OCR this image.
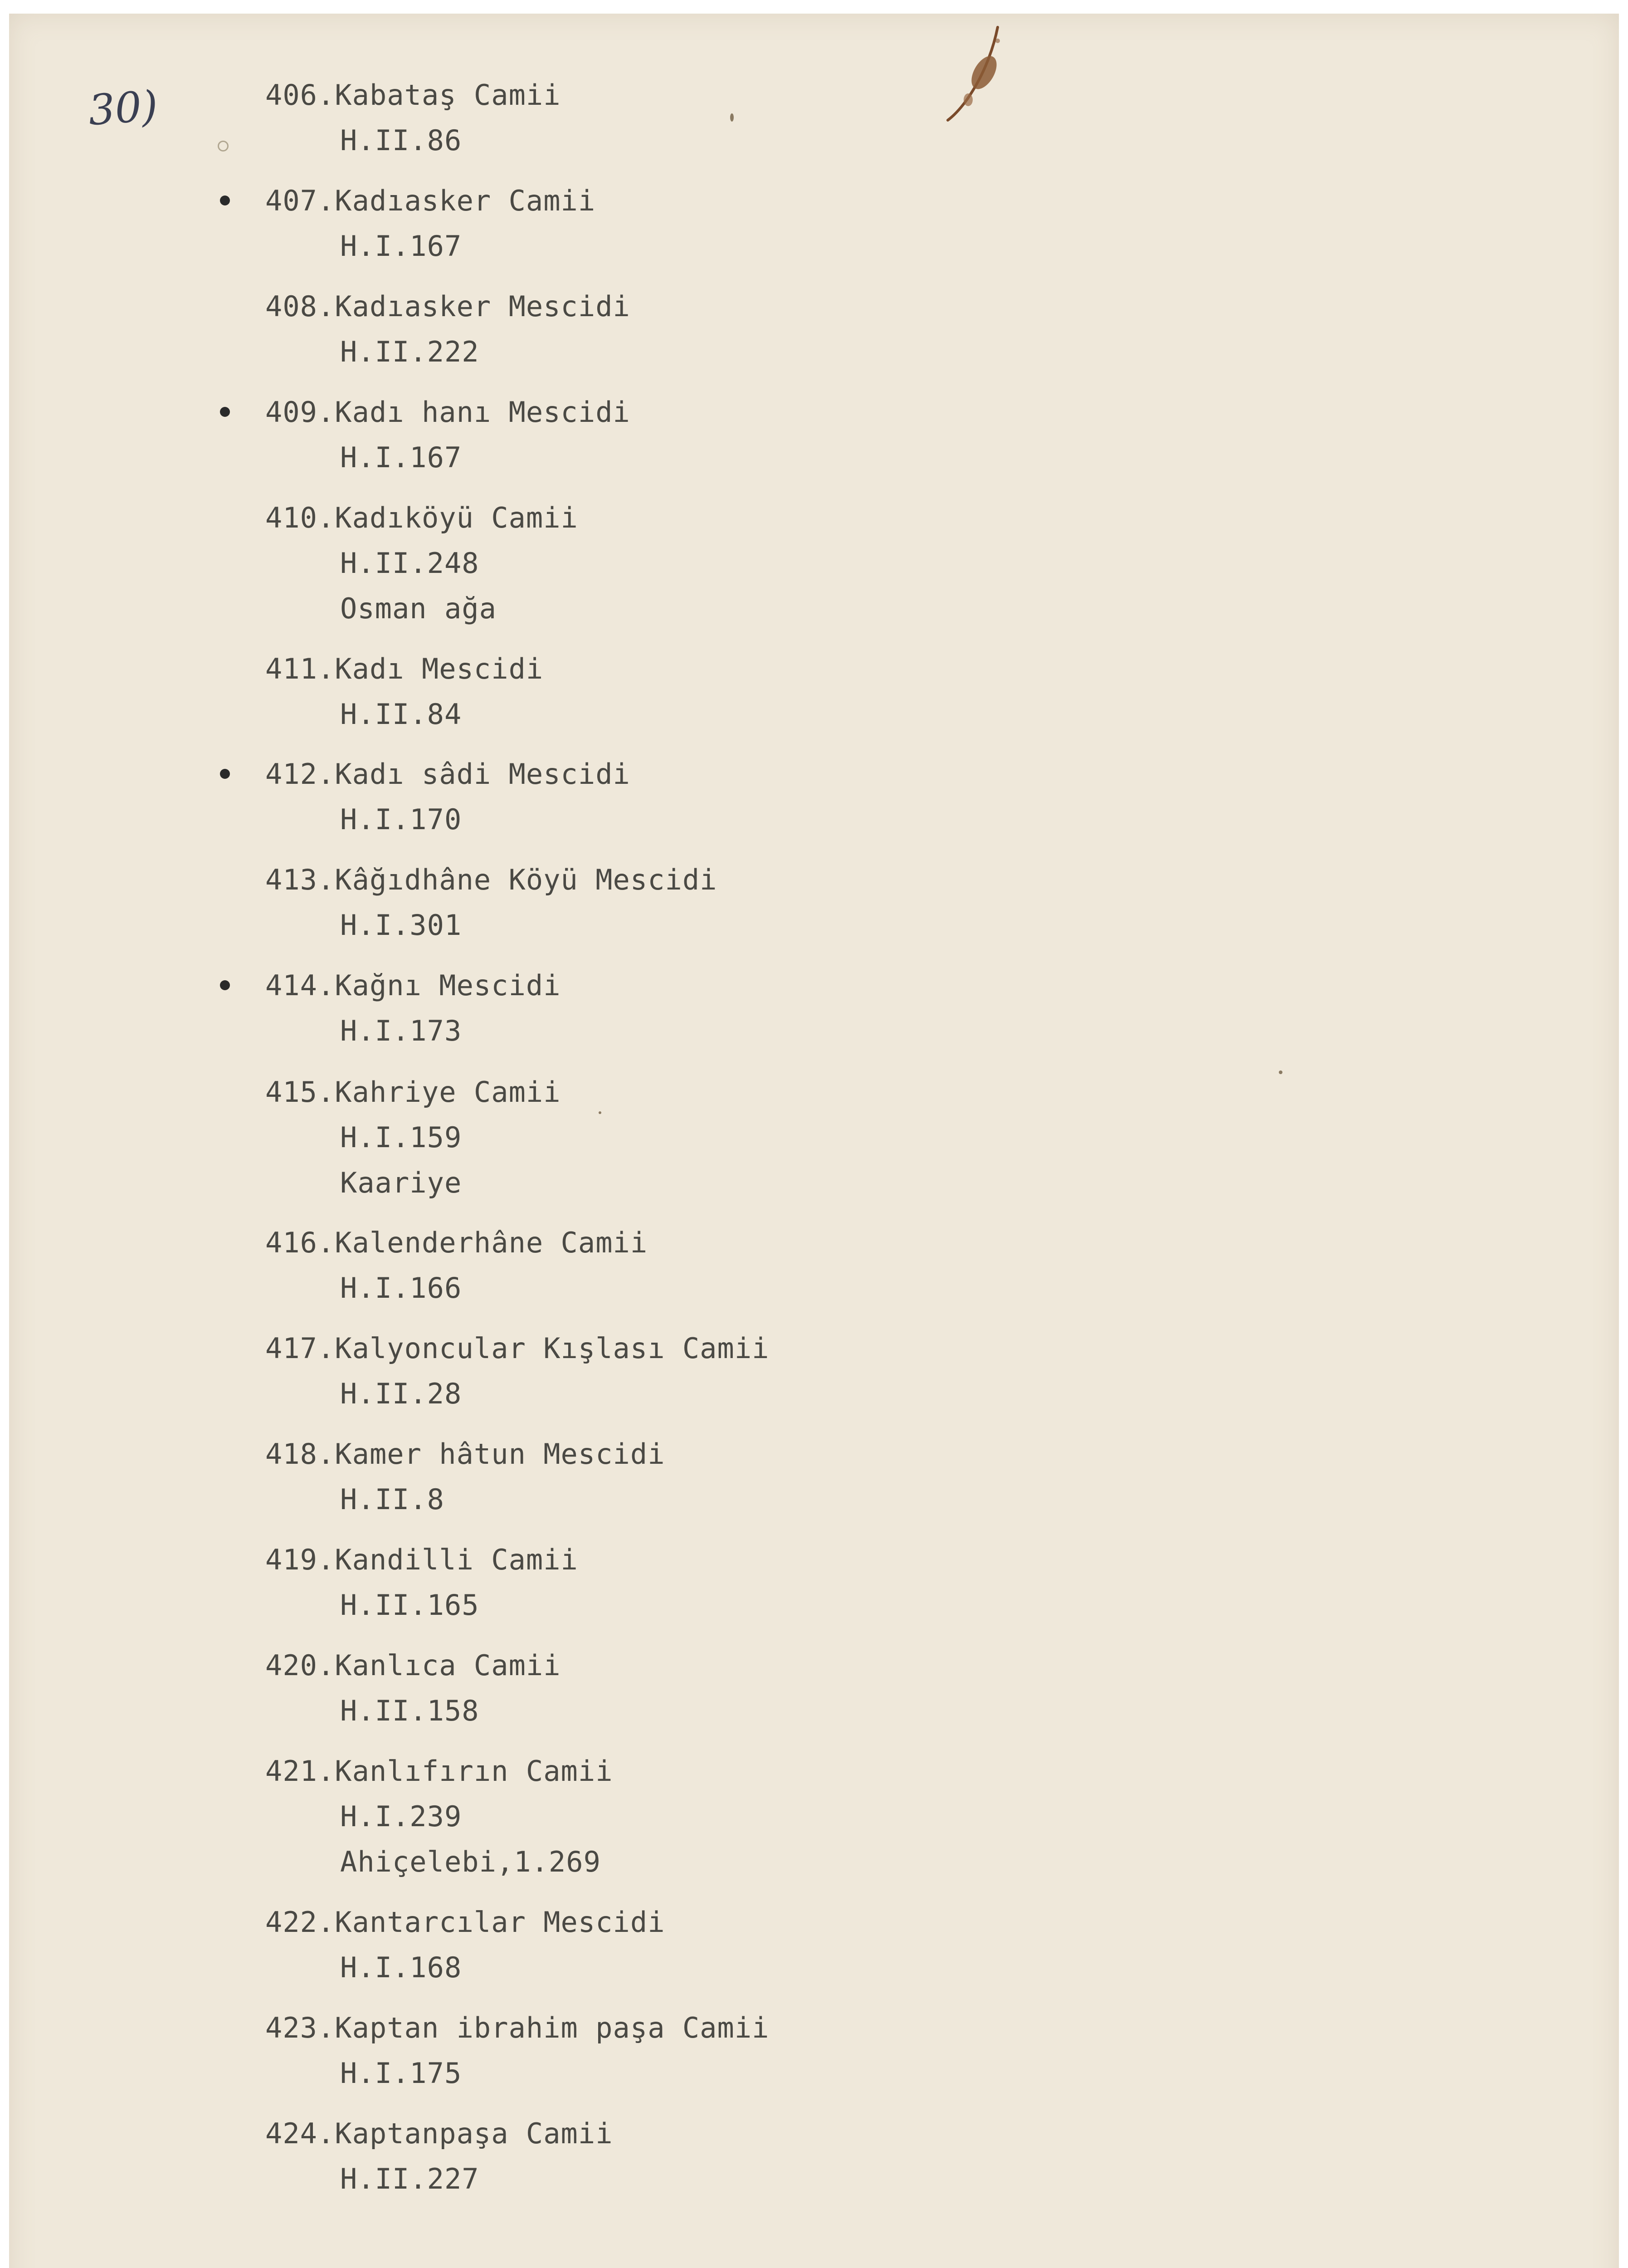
30)	406.Kabataş Camii
H.II.86
407.Kadıasker Camii
H.I.167
408.Kadıasker Mescidi
H.II.222
409.Kadı hanı Mescidi
H.I.167
410.Kadıköyü Camii
H.II.248
Osman ağa
411.Kadı Mescidi
H.II.84
412.Kadı sâdi Mescidi
H.I.170
413.Kâğıdhâne Köyü Mescidi
H.I.301
414.Kağnı Mescidi
H.I.173
415.Kahriye Camii
H.I.159
Kaariye
416.Kalenderhâne Camii
H.I.166
417.Kalyoncular Kışlası Camii
H.II.28
418.Kamer hâtun Mescidi
H.II.8
419.Kandilli Camii
H.II.165
420.Kanlıca Camii
H.II.158
421.Kanlıfırın Camii
H.I.239
Ahiçelebi,1.269
422.Kantarcılar Mescidi
H.I.168
423.Kaptan ibrahim paşa Camii
H.I.175
424.Kaptanpaşa Camii
H.II.227
